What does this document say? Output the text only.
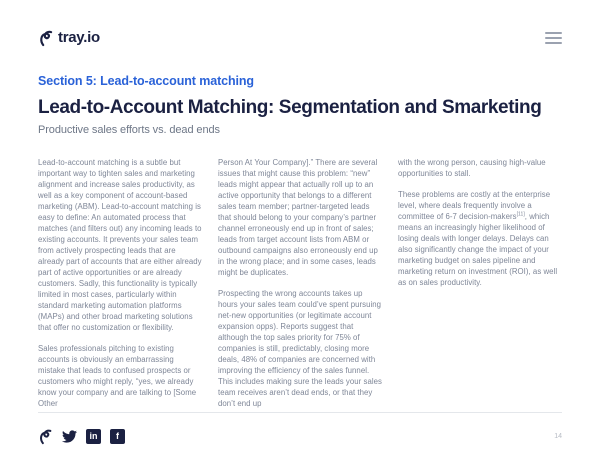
tray.io
Section 5: Lead-to-account matching
Lead-to-Account Matching: Segmentation and Smarketing
Productive sales efforts vs. dead ends

Lead-to-account matching is a subtle but important way to tighten sales and marketing alignment and increase sales productivity, as well as a key component of account-based marketing (ABM). Lead-to-account matching is easy to define: An automated process that matches (and filters out) any incoming leads to existing accounts. It prevents your sales team from actively prospecting leads that are already part of accounts that are either already part of active opportunities or are already customers. Sadly, this functionality is typically limited in most cases, particularly within standard marketing automation platforms (MAPs) and other broad marketing solutions that offer no customization or flexibility.

Sales professionals pitching to existing accounts is obviously an embarrassing mistake that leads to confused prospects or customers who might reply, “yes, we already know your company and are talking to [Some Other

Person At Your Company].” There are several issues that might cause this problem: “new” leads might appear that actually roll up to an active opportunity that belongs to a different sales team member; partner-targeted leads that should belong to your company’s partner channel erroneously end up in front of sales; leads from target account lists from ABM or outbound campaigns also erroneously end up in the wrong place; and in some cases, leads might be duplicates.

Prospecting the wrong accounts takes up hours your sales team could’ve spent pursuing net-new opportunities (or legitimate account expansion opps). Reports suggest that although the top sales priority for 75% of companies is still, predictably, closing more deals, 48% of companies are concerned with improving the efficiency of the sales funnel. This includes making sure the leads your sales team receives aren’t dead ends, or that they don’t end up

with the wrong person, causing high-value opportunities to stall.

These problems are costly at the enterprise level, where deals frequently involve a committee of 6-7 decision-makers[11], which means an increasingly higher likelihood of losing deals with longer delays. Delays can also significantly change the impact of your marketing budget on sales pipeline and marketing return on investment (ROI), as well as on sales productivity.

in	f	14
